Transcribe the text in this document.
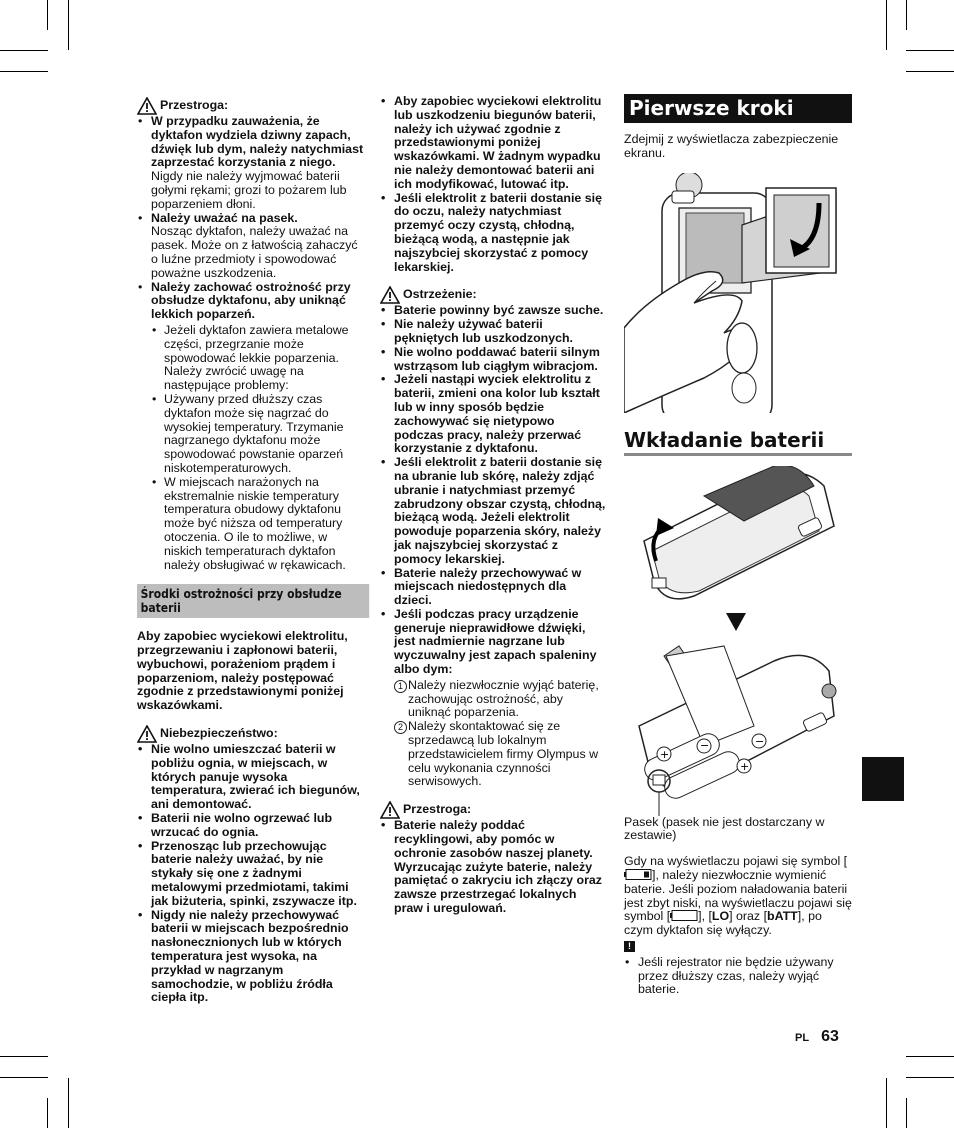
Przestroga:
• W przypadku zauważenia, że dyktafon wydziela dziwny zapach, dźwięk lub dym, należy natychmiast zaprzestać korzystania z niego.
Nigdy nie należy wyjmować baterii gołymi rękami; grozi to pożarem lub poparzeniem dłoni.
• Należy uważać na pasek.
Nosząc dyktafon, należy uważać na pasek. Może on z łatwością zahaczyć o luźne przedmioty i spowodować poważne uszkodzenia.
• Należy zachować ostrożność przy obsłudze dyktafonu, aby uniknąć lekkich poparzeń.
• Jeżeli dyktafon zawiera metalowe części, przegrzanie może spowodować lekkie poparzenia. Należy zwrócić uwagę na następujące problemy:
• Używany przed dłuższy czas dyktafon może się nagrzać do wysokiej temperatury. Trzymanie nagrzanego dyktafonu może spowodować powstanie oparzeń niskotemperaturowych.
• W miejscach narażonych na ekstremalnie niskie temperatury temperatura obudowy dyktafonu może być niższa od temperatury otoczenia. O ile to możliwe, w niskich temperaturach dyktafon należy obsługiwać w rękawicach.
Środki ostrożności przy obsłudze baterii
Aby zapobiec wyciekowi elektrolitu, przegrzewaniu i zapłonowi baterii, wybuchowi, porażeniom prądem i poparzeniom, należy postępować zgodnie z przedstawionymi poniżej wskazówkami.
Niebezpieczeństwo:
• Nie wolno umieszczać baterii w pobliżu ognia, w miejscach, w których panuje wysoka temperatura, zwierać ich biegunów, ani demontować.
• Baterii nie wolno ogrzewać lub wrzucać do ognia.
• Przenosząc lub przechowując baterie należy uważać, by nie stykały się one z żadnymi metalowymi przedmiotami, takimi jak biżuteria, spinki, zszywacze itp.
• Nigdy nie należy przechowywać baterii w miejscach bezpośrednio nasłonecznionych lub w których temperatura jest wysoka, na przykład w nagrzanym samochodzie, w pobliżu źródła ciepła itp.
• Aby zapobiec wyciekowi elektrolitu lub uszkodzeniu biegunów baterii, należy ich używać zgodnie z przedstawionymi poniżej wskazówkami. W żadnym wypadku nie należy demontować baterii ani ich modyfikować, lutować itp.
• Jeśli elektrolit z baterii dostanie się do oczu, należy natychmiast przemyć oczy czystą, chłodną, bieżącą wodą, a następnie jak najszybciej skorzystać z pomocy lekarskiej.
Ostrzeżenie:
• Baterie powinny być zawsze suche.
• Nie należy używać baterii pękniętych lub uszkodzonych.
• Nie wolno poddawać baterii silnym wstrząsom lub ciągłym wibracjom.
• Jeżeli nastąpi wyciek elektrolitu z baterii, zmieni ona kolor lub kształt lub w inny sposób będzie zachowywać się nietypowo podczas pracy, należy przerwać korzystanie z dyktafonu.
• Jeśli elektrolit z baterii dostanie się na ubranie lub skórę, należy zdjąć ubranie i natychmiast przemyć zabrudzony obszar czystą, chłodną, bieżącą wodą. Jeżeli elektrolit powoduje poparzenia skóry, należy jak najszybciej skorzystać z pomocy lekarskiej.
• Baterie należy przechowywać w miejscach niedostępnych dla dzieci.
• Jeśli podczas pracy urządzenie generuje nieprawidłowe dźwięki, jest nadmiernie nagrzane lub wyczuwalny jest zapach spaleniny albo dym:
1 Należy niezwłocznie wyjąć baterię, zachowując ostrożność, aby uniknąć poparzenia.
2 Należy skontaktować się ze sprzedawcą lub lokalnym przedstawicielem firmy Olympus w celu wykonania czynności serwisowych.
Przestroga:
• Baterie należy poddać recyklingowi, aby pomóc w ochronie zasobów naszej planety. Wyrzucając zużyte baterie, należy pamiętać o zakryciu ich złączy oraz zawsze przestrzegać lokalnych praw i uregulowań.
Pierwsze kroki
Zdejmij z wyświetlacza zabezpieczenie ekranu.
Wkładanie baterii
+
−
+
−
Pasek (pasek nie jest dostarczany w zestawie)
Gdy na wyświetlaczu pojawi się symbol [], należy niezwłocznie wymienić baterie. Jeśli poziom naładowania baterii jest zbyt niski, na wyświetlaczu pojawi się symbol [ ], [LO] oraz [bATT], po czym dyktafon się wyłączy.
!
• Jeśli rejestrator nie będzie używany przez dłuższy czas, należy wyjąć baterie.
PL 63
